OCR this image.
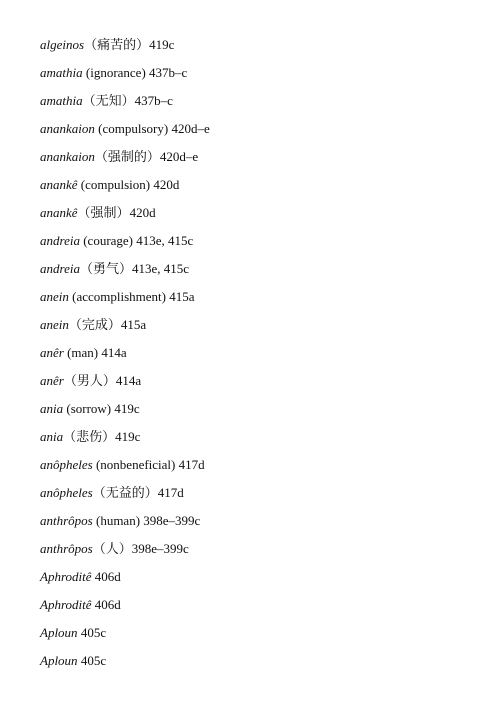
algeinos（痛苦的）419c
amathia (ignorance) 437b–c
amathia（无知）437b–c
anankaion (compulsory) 420d–e
anankaion（强制的）420d–e
anankê (compulsion) 420d
anankê（强制）420d
andreia (courage) 413e, 415c
andreia（勇气）413e, 415c
anein (accomplishment) 415a
anein（完成）415a
anêr (man) 414a
anêr（男人）414a
ania (sorrow) 419c
ania（悲伤）419c
anôpheles (nonbeneficial) 417d
anôpheles（无益的）417d
anthrôpos (human) 398e–399c
anthrôpos（人）398e–399c
Aphroditê 406d
Aphroditê 406d
Aploun 405c
Aploun 405c
